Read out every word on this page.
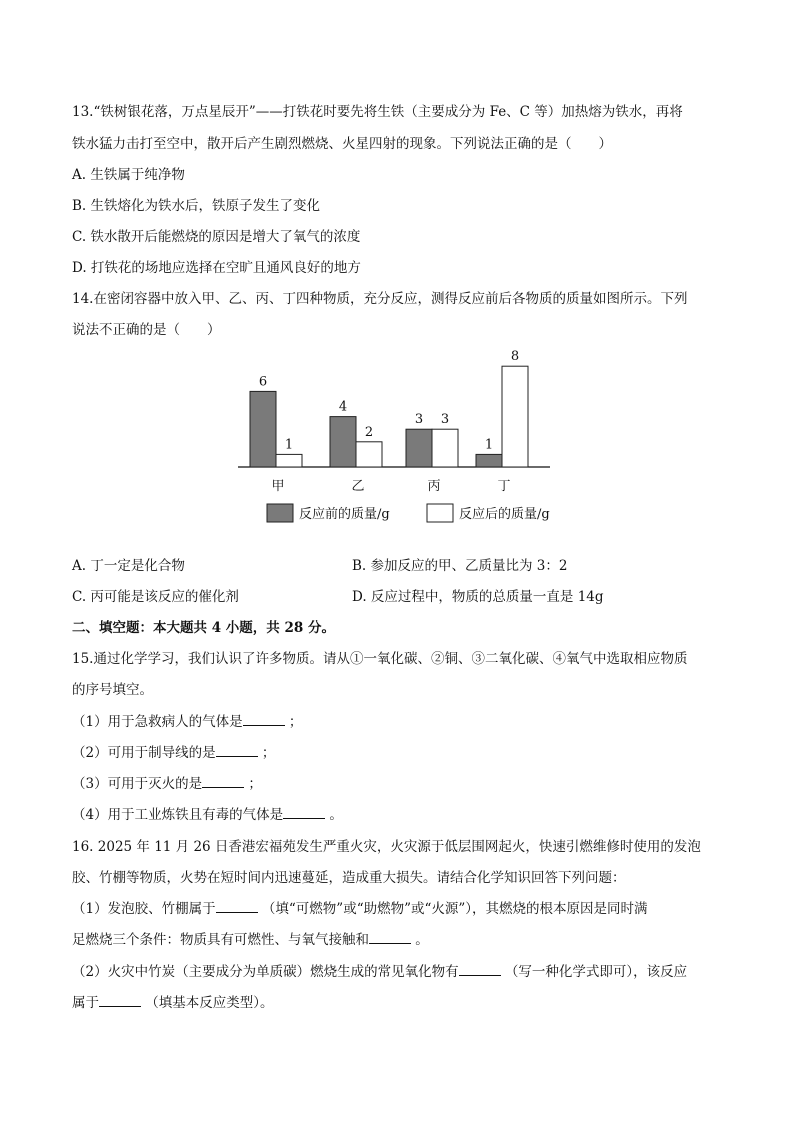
13.“铁树银花落，万点星辰开”——打铁花时要先将生铁（主要成分为 Fe、C 等）加热熔为铁水，再将
铁水猛力击打至空中，散开后产生剧烈燃烧、火星四射的现象。下列说法正确的是（　　）
A. 生铁属于纯净物
B. 生铁熔化为铁水后，铁原子发生了变化
C. 铁水散开后能燃烧的原因是增大了氧气的浓度
D. 打铁花的场地应选择在空旷且通风良好的地方
14.在密闭容器中放入甲、乙、丙、丁四种物质，充分反应，测得反应前后各物质的质量如图所示。下列
说法不正确的是（　　）
6
1
甲
4
2
乙
3 3
丙
1
8
丁
反应前的质量/g	反应后的质量/g
A. 丁一定是化合物	B. 参加反应的甲、乙质量比为 3：2
C. 丙可能是该反应的催化剂	D. 反应过程中，物质的总质量一直是 14g
二、填空题：本大题共 4 小题，共 28 分。
15.通过化学学习，我们认识了许多物质。请从①一氧化碳、②铜、③二氧化碳、④氧气中选取相应物质
的序号填空。
（1）用于急救病人的气体是	；
（2）可用于制导线的是	；
（3）可用于灭火的是	；
（4）用于工业炼铁且有毒的气体是	。
16. 2025 年 11 月 26 日香港宏福苑发生严重火灾，火灾源于低层围网起火，快速引燃维修时使用的发泡
胶、竹棚等物质，火势在短时间内迅速蔓延，造成重大损失。请结合化学知识回答下列问题：
（1）发泡胶、竹棚属于	（填“可燃物”或“助燃物”或“火源”），其燃烧的根本原因是同时满
足燃烧三个条件：物质具有可燃性、与氧气接触和	。
（2）火灾中竹炭（主要成分为单质碳）燃烧生成的常见氧化物有	（写一种化学式即可），该反应
属于	（填基本反应类型）。
